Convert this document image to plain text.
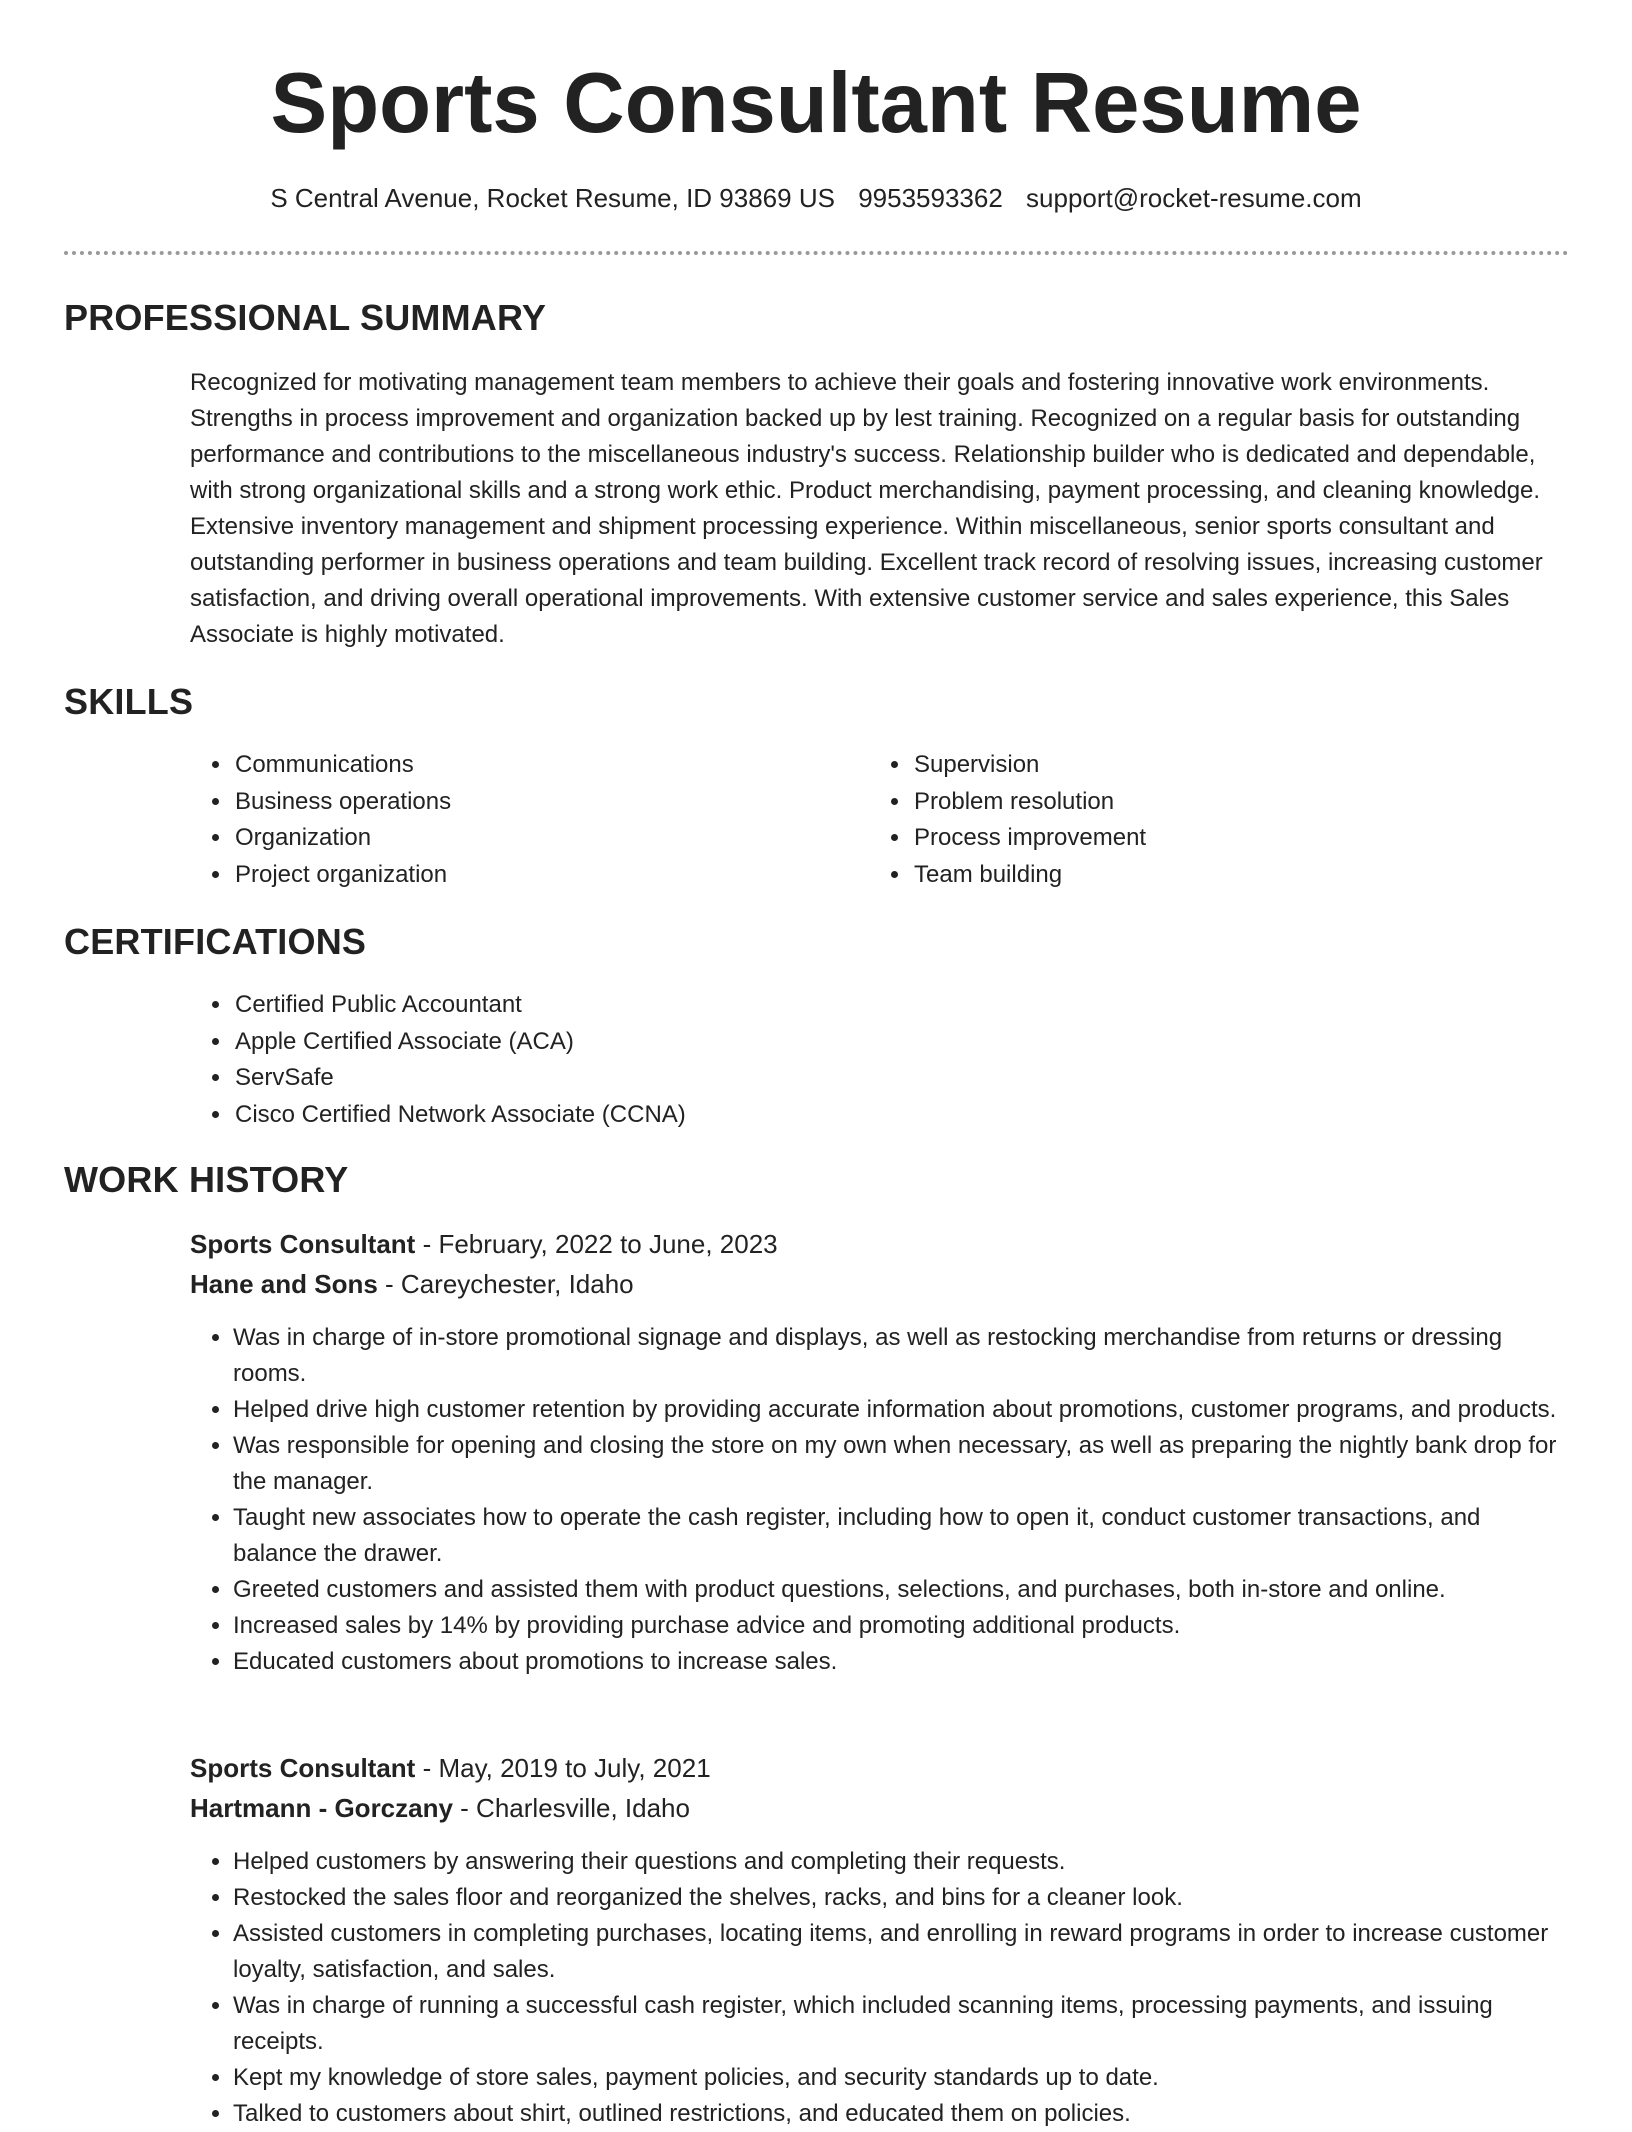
Sports Consultant Resume
S Central Avenue, Rocket Resume, ID 93869 US 9953593362 support@rocket-resume.com
PROFESSIONAL SUMMARY

Recognized for motivating management team members to achieve their goals and fostering innovative work environments. Strengths in process improvement and organization backed up by lest training. Recognized on a regular basis for outstanding performance and contributions to the miscellaneous industry's success. Relationship builder who is dedicated and dependable, with strong organizational skills and a strong work ethic. Product merchandising, payment processing, and cleaning knowledge. Extensive inventory management and shipment processing experience. Within miscellaneous, senior sports consultant and outstanding performer in business operations and team building. Excellent track record of resolving issues, increasing customer satisfaction, and driving overall operational improvements. With extensive customer service and sales experience, this Sales Associate is highly motivated.

SKILLS
• Communications
• Business operations
• Organization
• Project organization
• Supervision
• Problem resolution
• Process improvement
• Team building
CERTIFICATIONS
• Certified Public Accountant
• Apple Certified Associate (ACA)
• ServSafe
• Cisco Certified Network Associate (CCNA)
WORK HISTORY
Sports Consultant - February, 2022 to June, 2023
Hane and Sons - Careychester, Idaho
• Was in charge of in-store promotional signage and displays, as well as restocking merchandise from returns or dressing rooms.
• Helped drive high customer retention by providing accurate information about promotions, customer programs, and products.
• Was responsible for opening and closing the store on my own when necessary, as well as preparing the nightly bank drop for the manager.
• Taught new associates how to operate the cash register, including how to open it, conduct customer transactions, and balance the drawer.
• Greeted customers and assisted them with product questions, selections, and purchases, both in-store and online.
• Increased sales by 14% by providing purchase advice and promoting additional products.
• Educated customers about promotions to increase sales.
Sports Consultant - May, 2019 to July, 2021
Hartmann - Gorczany - Charlesville, Idaho
• Helped customers by answering their questions and completing their requests.
• Restocked the sales floor and reorganized the shelves, racks, and bins for a cleaner look.
• Assisted customers in completing purchases, locating items, and enrolling in reward programs in order to increase customer loyalty, satisfaction, and sales.
• Was in charge of running a successful cash register, which included scanning items, processing payments, and issuing receipts.
• Kept my knowledge of store sales, payment policies, and security standards up to date.
• Talked to customers about shirt, outlined restrictions, and educated them on policies.
